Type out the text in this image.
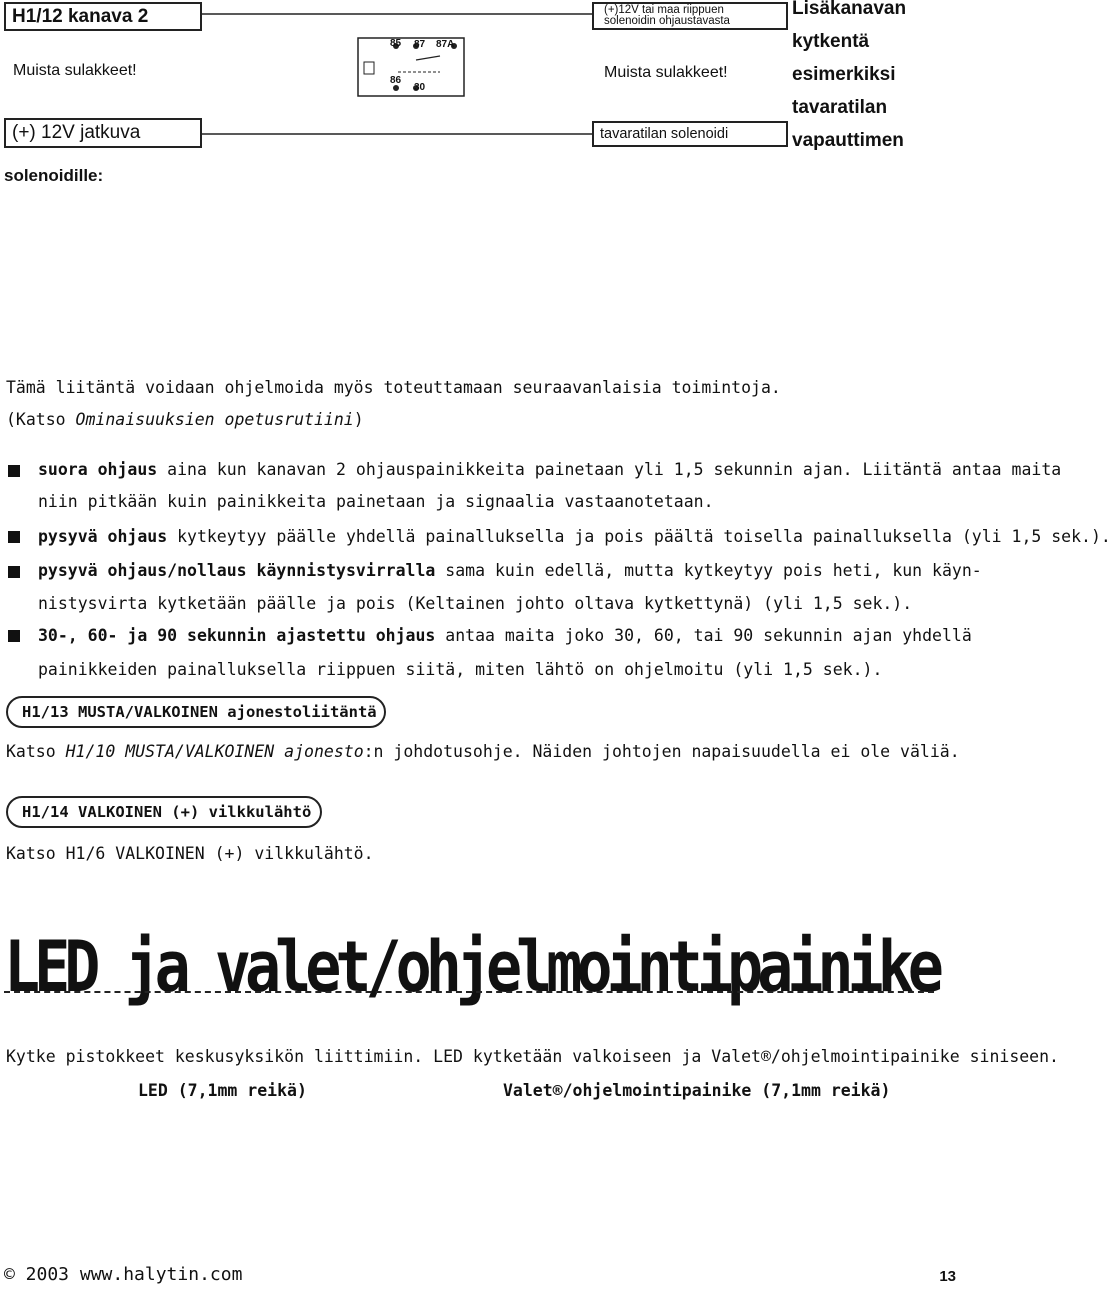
H1/12 kanava 2
Muista sulakkeet!
(+) 12V jatkuva
solenoidille:
85 87 87A
86
30
(+)12V tai maa riippuen
solenoidin ohjaustavasta
Muista sulakkeet!
tavaratilan solenoidi
Lisäkanavan
kytkentä
esimerkiksi
tavaratilan
vapauttimen
Tämä liitäntä voidaan ohjelmoida myös toteuttamaan seuraavanlaisia toimintoja.
(Katso Ominaisuuksien opetusrutiini)
suora ohjaus aina kun kanavan 2 ohjauspainikkeita painetaan yli 1,5 sekunnin ajan. Liitäntä antaa maita
niin pitkään kuin painikkeita painetaan ja signaalia vastaanotetaan.
pysyvä ohjaus kytkeytyy päälle yhdellä painalluksella ja pois päältä toisella painalluksella (yli 1,5 sek.).
pysyvä ohjaus/nollaus käynnistysvirralla sama kuin edellä, mutta kytkeytyy pois heti, kun käyn-
nistysvirta kytketään päälle ja pois (Keltainen johto oltava kytkettynä) (yli 1,5 sek.).
30-, 60- ja 90 sekunnin ajastettu ohjaus antaa maita joko 30, 60, tai 90 sekunnin ajan yhdellä
painikkeiden painalluksella riippuen siitä, miten lähtö on ohjelmoitu (yli 1,5 sek.).
H1/13 MUSTA/VALKOINEN ajonestoliitäntä
Katso H1/10 MUSTA/VALKOINEN ajonesto:n johdotusohje. Näiden johtojen napaisuudella ei ole väliä.
H1/14 VALKOINEN (+) vilkkulähtö
Katso H1/6 VALKOINEN (+) vilkkulähtö.
LED ja valet/ohjelmointipainike
Kytke pistokkeet keskusyksikön liittimiin. LED kytketään valkoiseen ja Valet®/ohjelmointipainike siniseen.
LED (7,1mm reikä)	Valet®/ohjelmointipainike (7,1mm reikä)
© 2003 www.halytin.com	13
